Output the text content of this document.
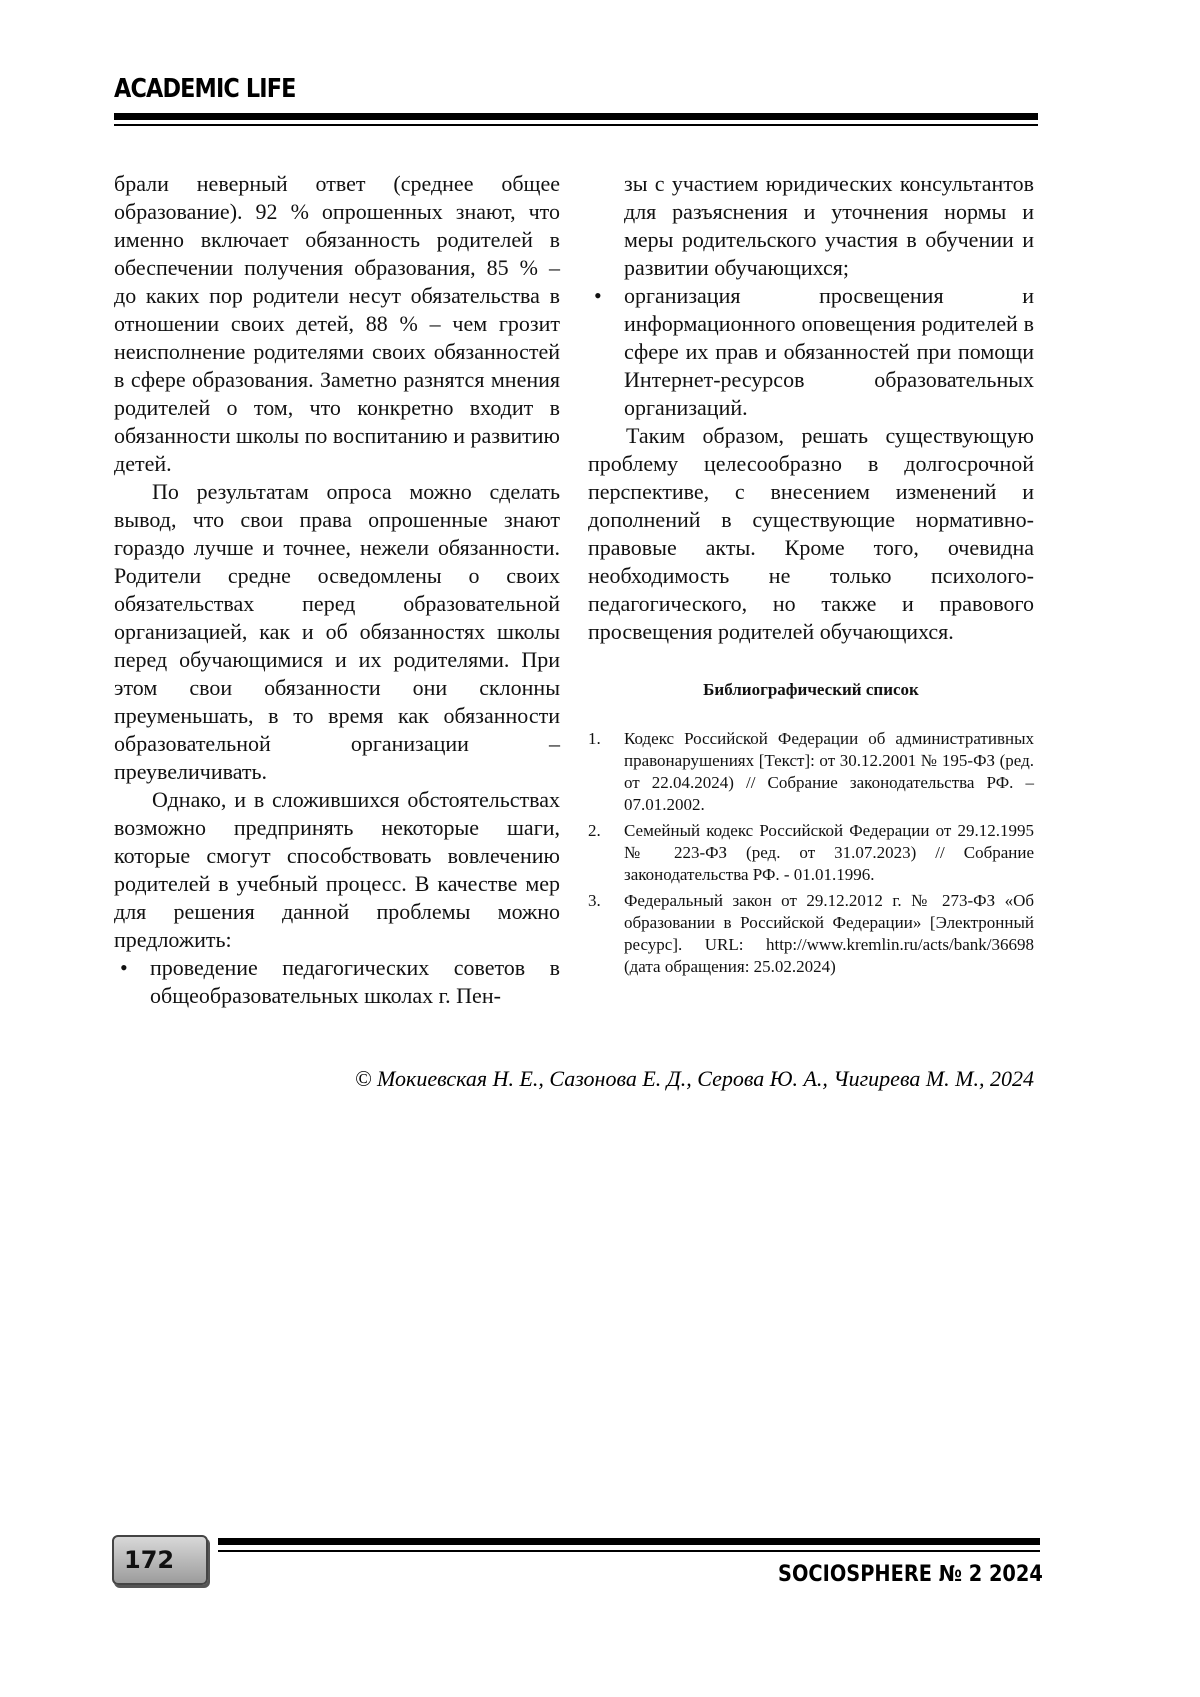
ACADEMIC LIFE

брали неверный ответ (среднее общее образование). 92 % опрошенных знают, что именно включает обязанность родителей в обеспечении получения образования, 85 % – до каких пор родители несут обязательства в отношении своих детей, 88 % – чем грозит неисполнение родителями своих обязанностей в сфере образования. Заметно разнятся мнения родителей о том, что конкретно входит в обязанности школы по воспитанию и развитию детей.

По результатам опроса можно сделать вывод, что свои права опрошенные знают гораздо лучше и точнее, нежели обязанности. Родители средне осведомлены о своих обязательствах перед образовательной организацией, как и об обязанностях школы перед обучающимися и их родителями. При этом свои обязанности они склонны преуменьшать, в то время как обязанности образовательной организации – преувеличивать.

Однако, и в сложившихся обстоятельствах возможно предпринять некоторые шаги, которые смогут способствовать вовлечению родителей в учебный процесс. В качестве мер для решения данной проблемы можно предложить:

• проведение педагогических советов в общеобразовательных школах г. Пен-

зы с участием юридических консультантов для разъяснения и уточнения нормы и меры родительского участия в обучении и развитии обучающихся;

• организация просвещения и информационного оповещения родителей в сфере их прав и обязанностей при помощи Интернет-ресурсов образовательных организаций.

Таким образом, решать существующую проблему целесообразно в долгосрочной перспективе, с внесением изменений и дополнений в существующие нормативно-правовые акты. Кроме того, очевидна необходимость не только психолого-педагогического, но также и правового просвещения родителей обучающихся.

Библиографический список
1. Кодекс Российской Федерации об административных правонарушениях [Текст]: от 30.12.2001 № 195-ФЗ (ред. от 22.04.2024) // Собрание законодательства РФ. – 07.01.2002.
2. Семейный кодекс Российской Федерации от 29.12.1995 № 223-ФЗ (ред. от 31.07.2023) // Собрание законодательства РФ. - 01.01.1996.
3. Федеральный закон от 29.12.2012 г. № 273-ФЗ «Об образовании в Российской Федерации» [Электронный ресурс]. URL: http://www.kremlin.ru/acts/bank/36698 (дата обращения: 25.02.2024)
© Мокиевская Н. Е., Сазонова Е. Д., Серова Ю. А., Чигирева М. М., 2024
172
SOCIOSPHERE № 2 2024
